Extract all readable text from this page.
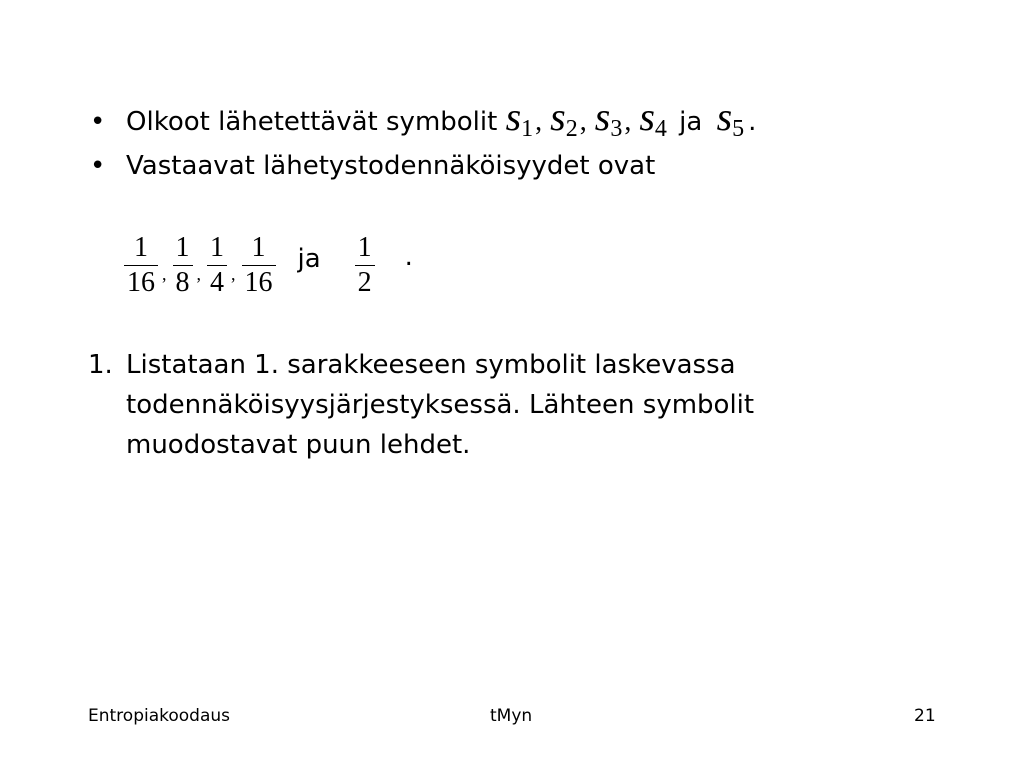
• Olkoot lähetettävät symbolit $s_1$, $s_2$, $s_3$, $s_4$ ja $s_5$ .
• Vastaavat lähetystodennäköisyydet ovat
$\frac{1}{16}$ , $\frac{1}{8}$ , $\frac{1}{4}$ , $\frac{1}{16}$ ja $\frac{1}{2}$ .
1. Listataan 1. sarakkeeseen symbolit laskevassa
todennäköisyysjärjestyksessä. Lähteen symbolit
muodostavat puun lehdet.
Entropiakoodaus	tMyn	21
